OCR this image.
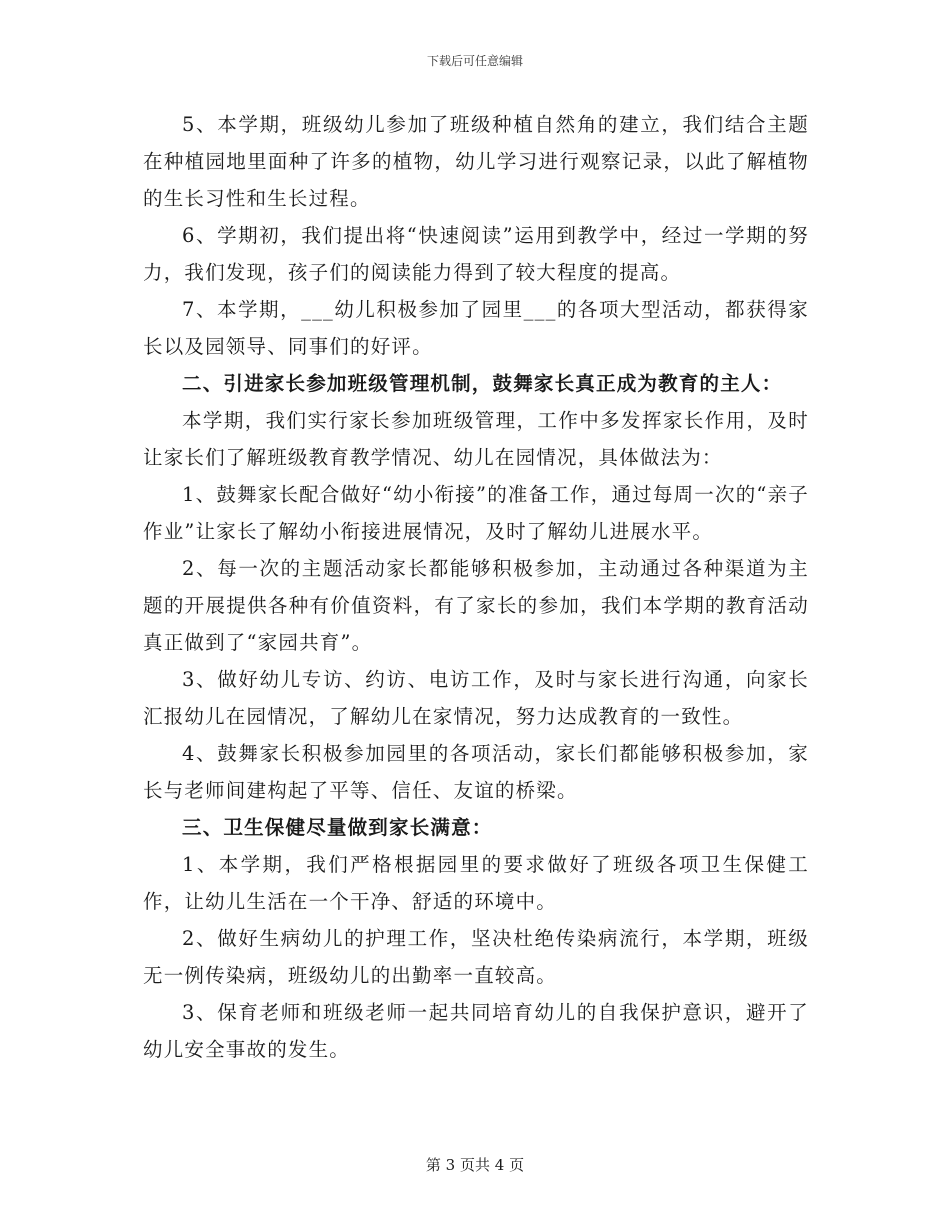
下载后可任意编辑

5、本学期，班级幼儿参加了班级种植自然角的建立，我们结合主题在种植园地里面种了许多的植物，幼儿学习进行观察记录，以此了解植物的生长习性和生长过程。

6、学期初，我们提出将“快速阅读”运用到教学中，经过一学期的努力，我们发现，孩子们的阅读能力得到了较大程度的提高。

7、本学期，___幼儿积极参加了园里___的各项大型活动，都获得家长以及园领导、同事们的好评。

二、引进家长参加班级管理机制，鼓舞家长真正成为教育的主人：

本学期，我们实行家长参加班级管理，工作中多发挥家长作用，及时让家长们了解班级教育教学情况、幼儿在园情况，具体做法为：

1、鼓舞家长配合做好“幼小衔接”的准备工作，通过每周一次的“亲子作业”让家长了解幼小衔接进展情况，及时了解幼儿进展水平。

2、每一次的主题活动家长都能够积极参加，主动通过各种渠道为主题的开展提供各种有价值资料，有了家长的参加，我们本学期的教育活动真正做到了“家园共育”。

3、做好幼儿专访、约访、电访工作，及时与家长进行沟通，向家长汇报幼儿在园情况，了解幼儿在家情况，努力达成教育的一致性。

4、鼓舞家长积极参加园里的各项活动，家长们都能够积极参加，家长与老师间建构起了平等、信任、友谊的桥梁。

三、卫生保健尽量做到家长满意：

1、本学期，我们严格根据园里的要求做好了班级各项卫生保健工作，让幼儿生活在一个干净、舒适的环境中。

2、做好生病幼儿的护理工作，坚决杜绝传染病流行，本学期，班级无一例传染病，班级幼儿的出勤率一直较高。

3、保育老师和班级老师一起共同培育幼儿的自我保护意识，避开了幼儿安全事故的发生。

第 3 页共 4 页
